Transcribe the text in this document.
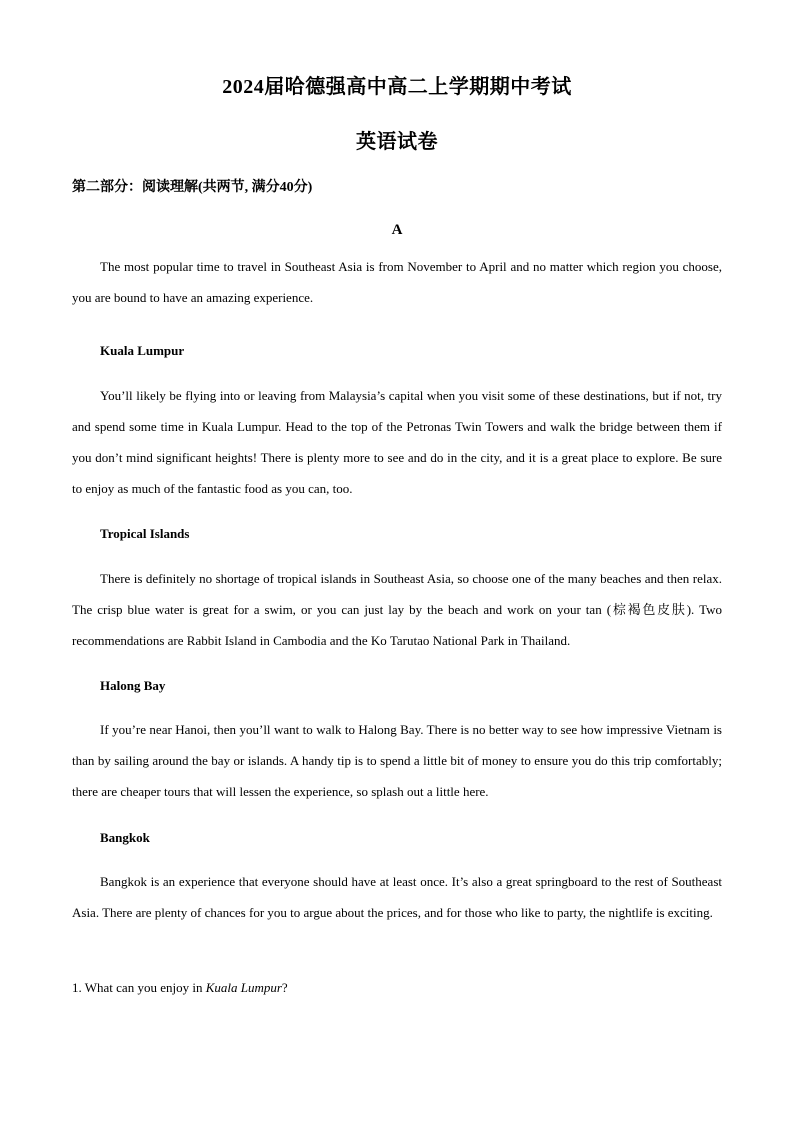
2024届哈德强高中高二上学期期中考试
英语试卷
第二部分：阅读理解(共两节, 满分40分)
A

The most popular time to travel in Southeast Asia is from November to April and no matter which region you choose, you are bound to have an amazing experience.

Kuala Lumpur

You’ll likely be flying into or leaving from Malaysia’s capital when you visit some of these destinations, but if not, try and spend some time in Kuala Lumpur. Head to the top of the Petronas Twin Towers and walk the bridge between them if you don’t mind significant heights! There is plenty more to see and do in the city, and it is a great place to explore. Be sure to enjoy as much of the fantastic food as you can, too.

Tropical Islands

There is definitely no shortage of tropical islands in Southeast Asia, so choose one of the many beaches and then relax. The crisp blue water is great for a swim, or you can just lay by the beach and work on your tan (棕褐色皮肤). Two recommendations are Rabbit Island in Cambodia and the Ko Tarutao National Park in Thailand.

Halong Bay

If you’re near Hanoi, then you’ll want to walk to Halong Bay. There is no better way to see how impressive Vietnam is than by sailing around the bay or islands. A handy tip is to spend a little bit of money to ensure you do this trip comfortably; there are cheaper tours that will lessen the experience, so splash out a little here.

Bangkok

Bangkok is an experience that everyone should have at least once. It’s also a great springboard to the rest of Southeast Asia. There are plenty of chances for you to argue about the prices, and for those who like to party, the nightlife is exciting.

1. What can you enjoy in Kuala Lumpur?
